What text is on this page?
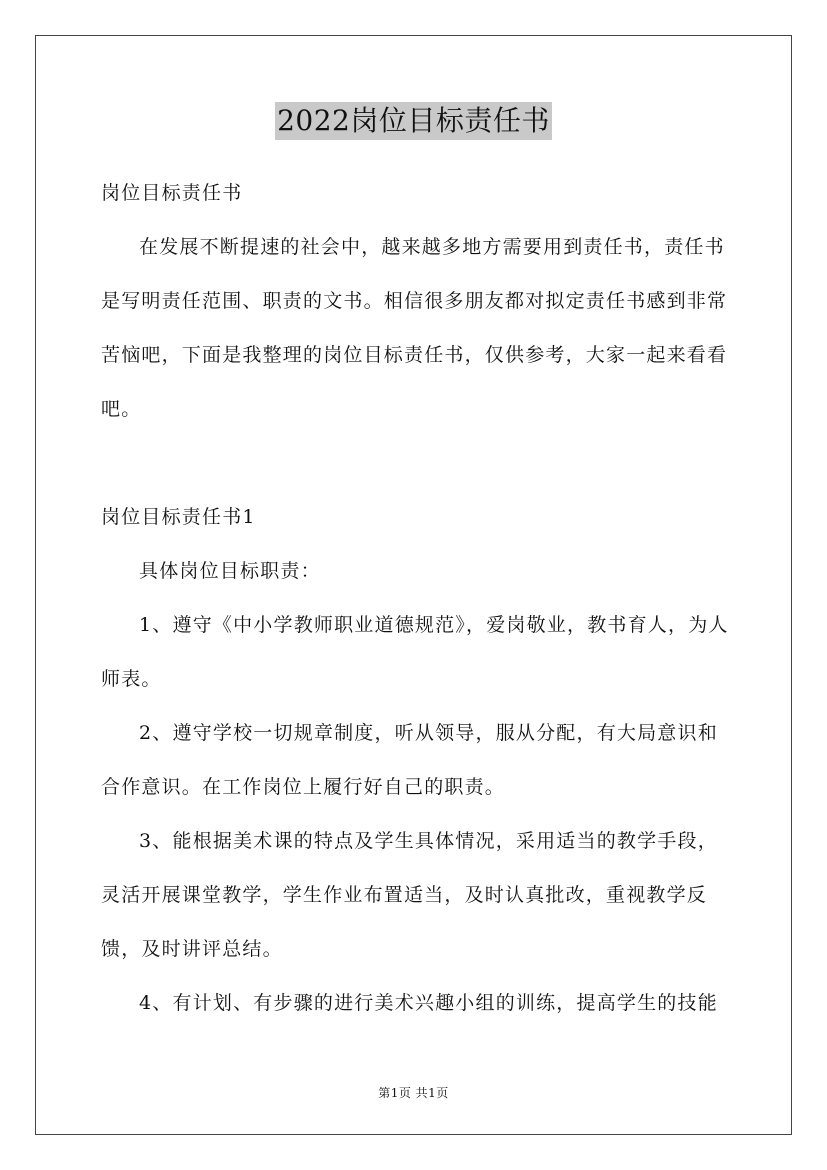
2022岗位目标责任书

岗位目标责任书

在发展不断提速的社会中，越来越多地方需要用到责任书，责任书是写明责任范围、职责的文书。相信很多朋友都对拟定责任书感到非常苦恼吧，下面是我整理的岗位目标责任书，仅供参考，大家一起来看看吧。

岗位目标责任书1

具体岗位目标职责：

1、遵守《中小学教师职业道德规范》，爱岗敬业，教书育人，为人师表。

2、遵守学校一切规章制度，听从领导，服从分配，有大局意识和合作意识。在工作岗位上履行好自己的职责。

3、能根据美术课的特点及学生具体情况，采用适当的教学手段，灵活开展课堂教学，学生作业布置适当，及时认真批改，重视教学反馈，及时讲评总结。

4、有计划、有步骤的进行美术兴趣小组的训练，提高学生的技能

第1页 共1页
